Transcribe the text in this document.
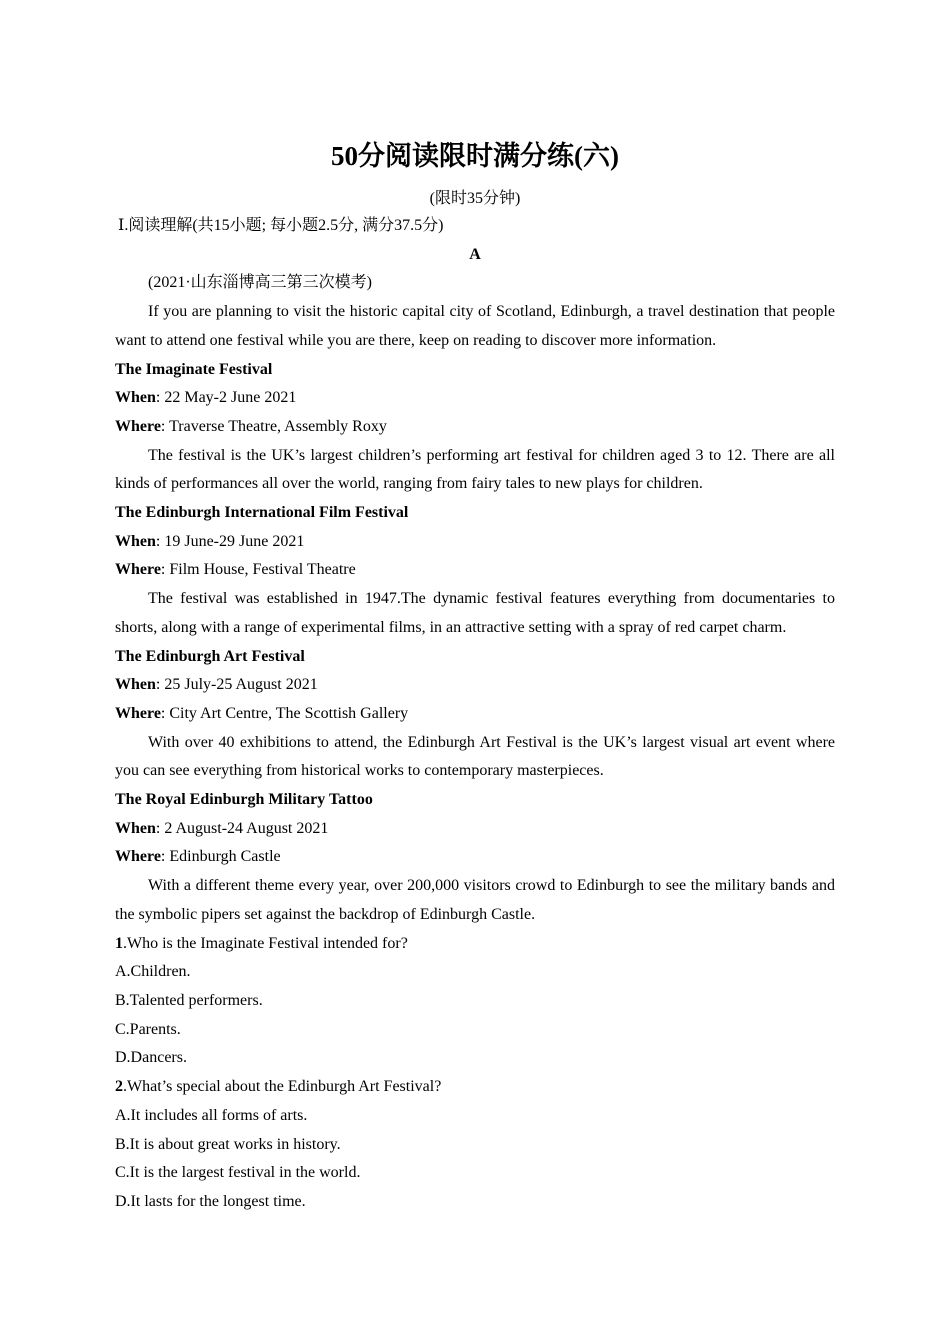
50分阅读限时满分练(六)
(限时35分钟)
Ⅰ.阅读理解(共15小题; 每小题2.5分, 满分37.5分)
A
(2021·山东淄博高三第三次模考)

If you are planning to visit the historic capital city of Scotland, Edinburgh, a travel destination that people want to attend one festival while you are there, keep on reading to discover more information.

The Imaginate Festival
When: 22 May-2 June 2021
Where: Traverse Theatre, Assembly Roxy

The festival is the UK’s largest children’s performing art festival for children aged 3 to 12. There are all kinds of performances all over the world, ranging from fairy tales to new plays for children.

The Edinburgh International Film Festival
When: 19 June-29 June 2021
Where: Film House, Festival Theatre

The festival was established in 1947.The dynamic festival features everything from documentaries to shorts, along with a range of experimental films, in an attractive setting with a spray of red carpet charm.

The Edinburgh Art Festival
When: 25 July-25 August 2021
Where: City Art Centre, The Scottish Gallery

With over 40 exhibitions to attend, the Edinburgh Art Festival is the UK’s largest visual art event where you can see everything from historical works to contemporary masterpieces.

The Royal Edinburgh Military Tattoo
When: 2 August-24 August 2021
Where: Edinburgh Castle

With a different theme every year, over 200,000 visitors crowd to Edinburgh to see the military bands and the symbolic pipers set against the backdrop of Edinburgh Castle.

1.Who is the Imaginate Festival intended for?
A.Children.
B.Talented performers.
C.Parents.
D.Dancers.
2.What’s special about the Edinburgh Art Festival?
A.It includes all forms of arts.
B.It is about great works in history.
C.It is the largest festival in the world.
D.It lasts for the longest time.
